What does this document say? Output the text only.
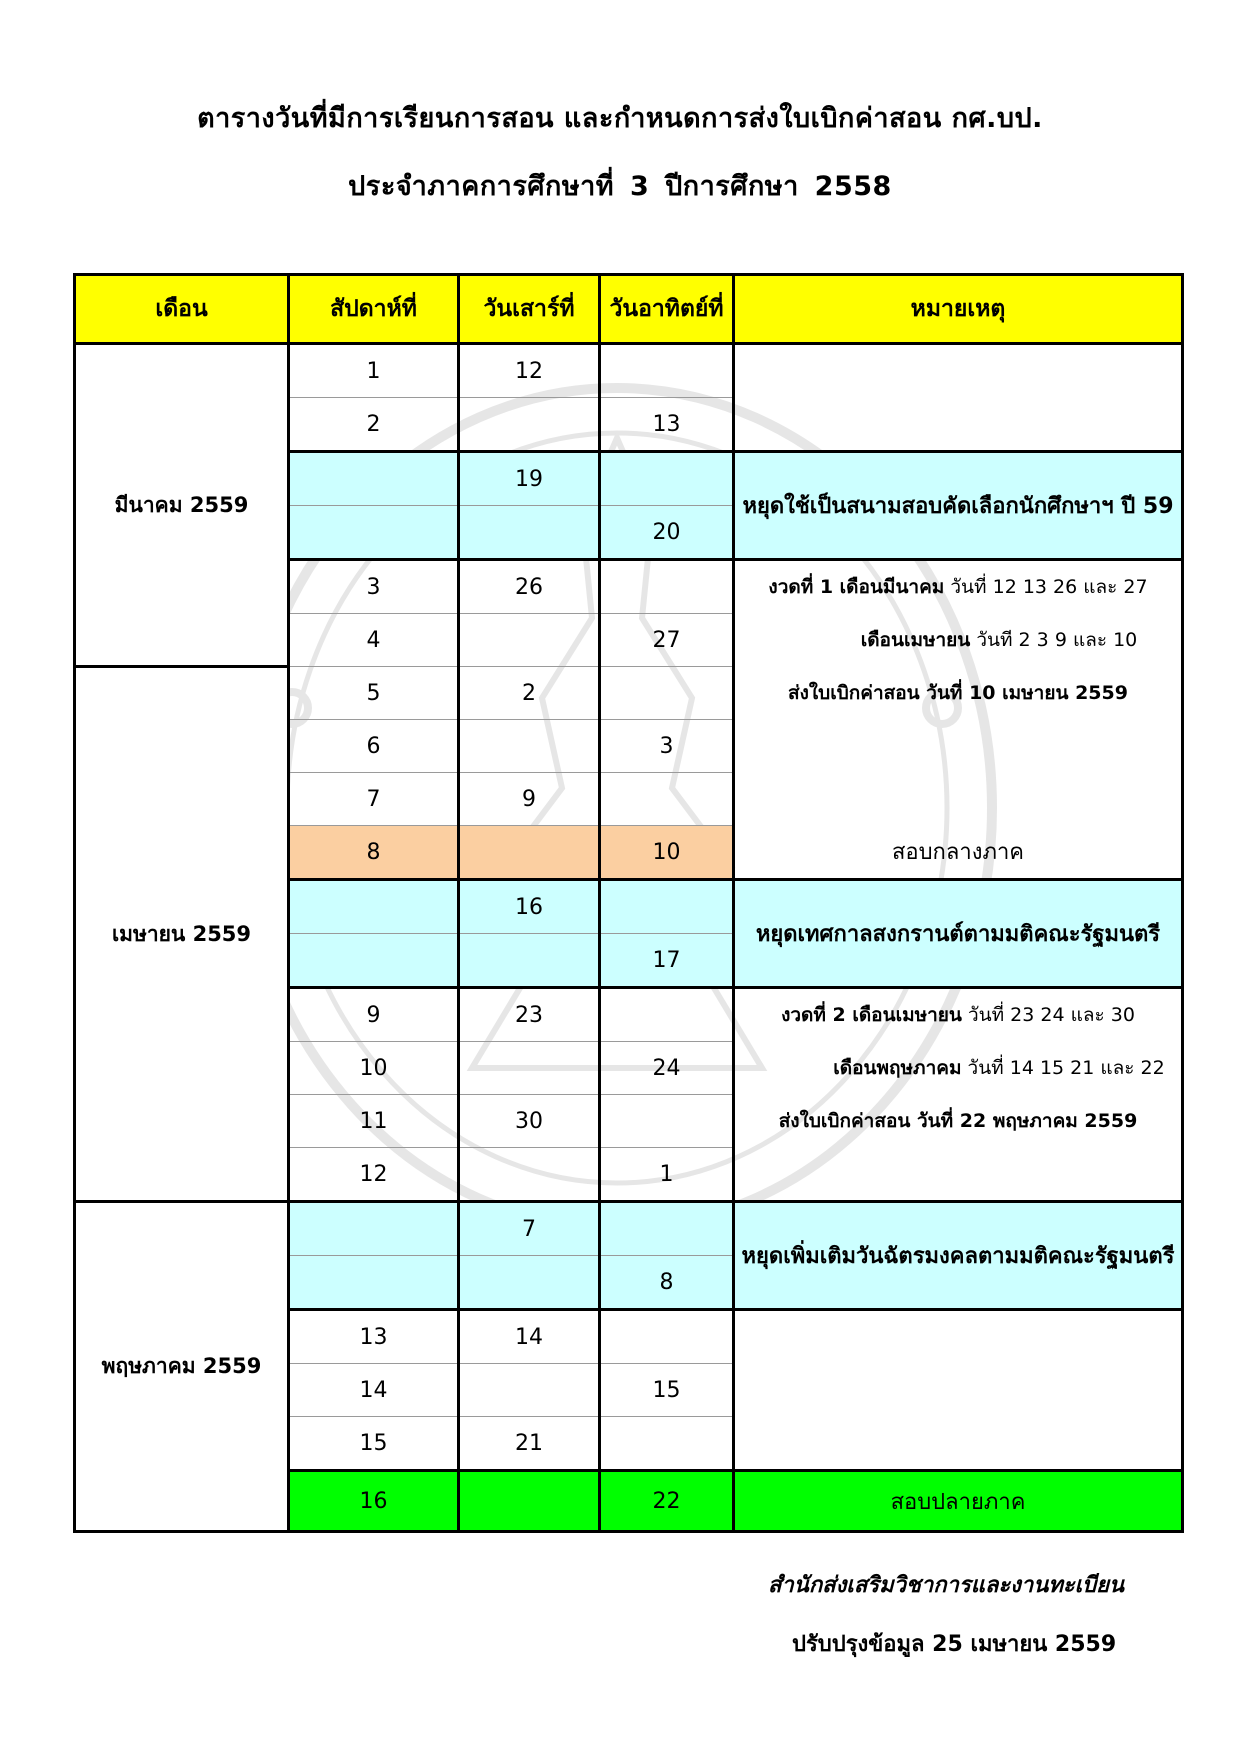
ตารางวันที่มีการเรียนการสอน และกำหนดการส่งใบเบิกค่าสอน กศ.บป.
ประจำภาคการศึกษาที่ 3 ปีการศึกษา 2558
เดือน	สัปดาห์ที่	วันเสาร์ที่	วันอาทิตย์ที่	หมายเหตุ
มีนาคม 2559	1	12		
	2		13	
		19		หยุดใช้เป็นสนามสอบคัดเลือกนักศึกษาฯ ปี 59
			20	
	3	26		งวดที่ 1 เดือนมีนาคม วันที่ 12 13 26 และ 27
	4		27	เดือนเมษายน วันที 2 3 9 และ 10
เมษายน 2559	5	2		ส่งใบเบิกค่าสอน วันที่ 10 เมษายน 2559
	6		3	
	7	9		
	8		10	สอบกลางภาค
		16		หยุดเทศกาลสงกรานต์ตามมติคณะรัฐมนตรี
			17	
	9	23		งวดที่ 2 เดือนเมษายน วันที่ 23 24 และ 30
	10		24	เดือนพฤษภาคม วันที่ 14 15 21 และ 22
	11	30		ส่งใบเบิกค่าสอน วันที่ 22 พฤษภาคม 2559
	12		1	
พฤษภาคม 2559		7		หยุดเพิ่มเติมวันฉัตรมงคลตามมติคณะรัฐมนตรี
			8	
	13	14		
	14		15	
	15	21		
	16		22	สอบปลายภาค
สำนักส่งเสริมวิชาการและงานทะเบียน
ปรับปรุงข้อมูล 25 เมษายน 2559
